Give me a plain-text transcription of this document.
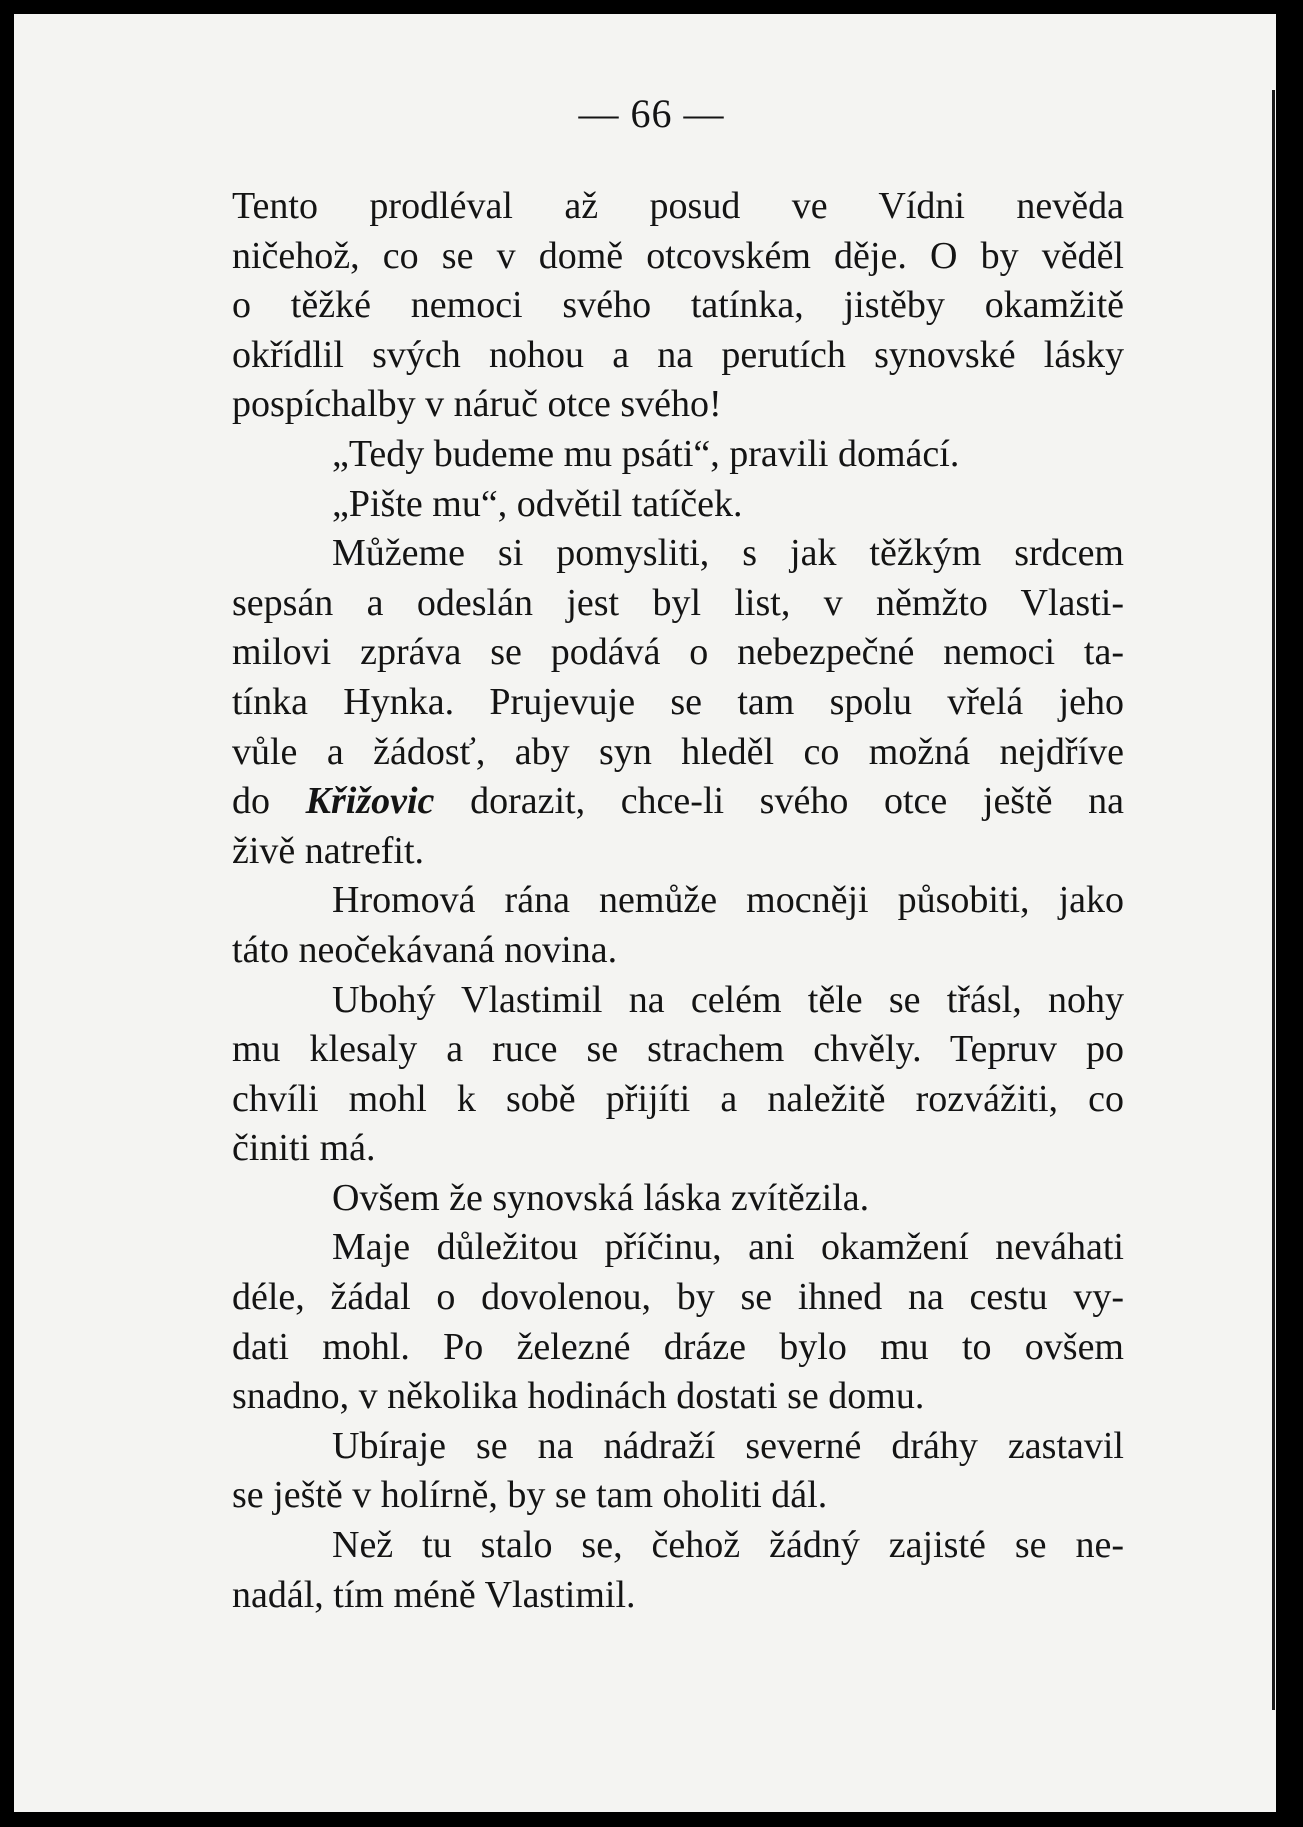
— 66 —
Tento prodléval až posud ve Vídni nevěda
ničehož, co se v domě otcovském děje. O by věděl
o těžké nemoci svého tatínka, jistěby okamžitě
okřídlil svých nohou a na perutích synovské lásky
pospíchalby v náruč otce svého!
„Tedy budeme mu psáti“, pravili domácí.
„Pište mu“, odvětil tatíček.
Můžeme si pomysliti, s jak těžkým srdcem
sepsán a odeslán jest byl list, v němžto Vlasti-
milovi zpráva se podává o nebezpečné nemoci ta-
tínka Hynka. Prujevuje se tam spolu vřelá jeho
vůle a žádosť, aby syn hleděl co možná nejdříve
do Křižovic dorazit, chce-li svého otce ještě na
živě natrefit.
Hromová rána nemůže mocněji působiti, jako
táto neočekávaná novina.
Ubohý Vlastimil na celém těle se třásl, nohy
mu klesaly a ruce se strachem chvěly. Tepruv po
chvíli mohl k sobě přijíti a naležitě rozvážiti, co
činiti má.
Ovšem že synovská láska zvítězila.
Maje důležitou příčinu, ani okamžení neváhati
déle, žádal o dovolenou, by se ihned na cestu vy-
dati mohl. Po železné dráze bylo mu to ovšem
snadno, v několika hodinách dostati se domu.
Ubíraje se na nádraží severné dráhy zastavil
se ještě v holírně, by se tam oholiti dál.
Než tu stalo se, čehož žádný zajisté se ne-
nadál, tím méně Vlastimil.
